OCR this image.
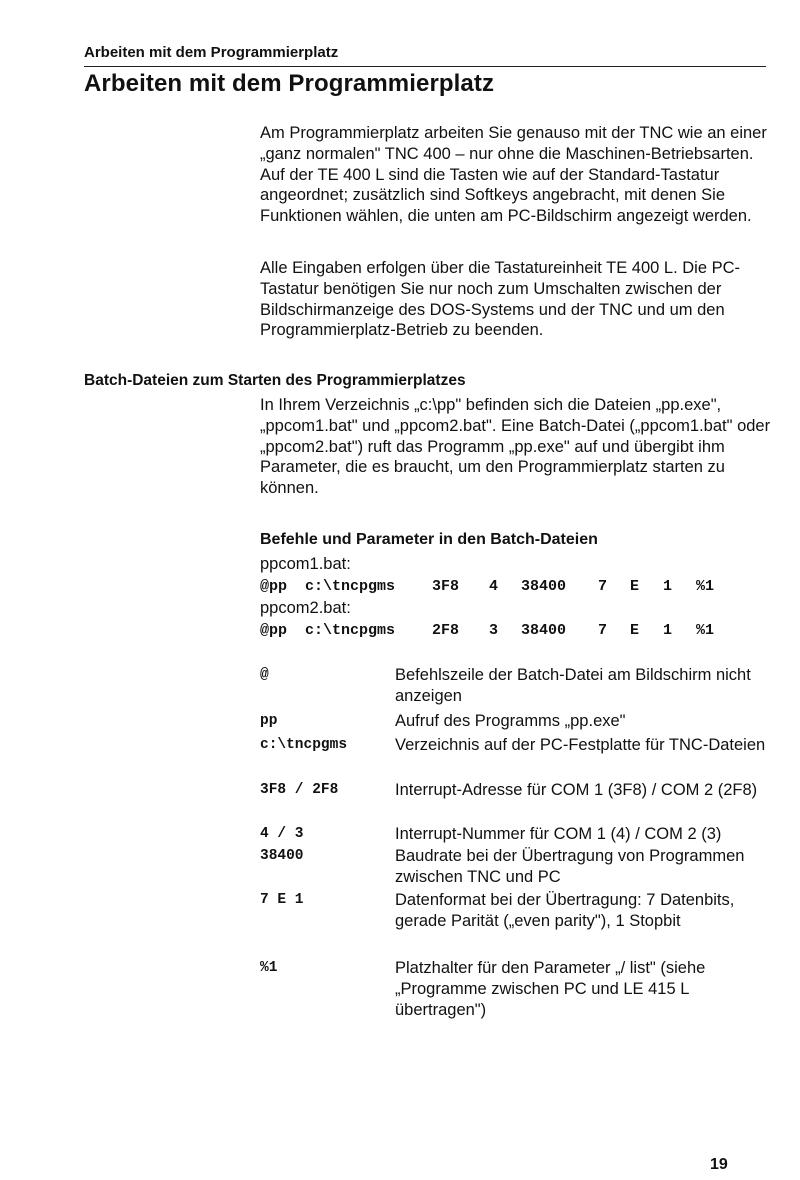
Arbeiten mit dem Programmierplatz
Arbeiten mit dem Programmierplatz
Am Programmierplatz arbeiten Sie genauso mit der TNC wie an einer „ganz normalen" TNC 400 – nur ohne die Maschinen-Betriebsarten. Auf der TE 400 L sind die Tasten wie auf der Standard-Tastatur angeordnet; zusätzlich sind Softkeys angebracht, mit denen Sie Funktionen wählen, die unten am PC-Bildschirm angezeigt werden.
Alle Eingaben erfolgen über die Tastatureinheit TE 400 L. Die PC-Tastatur benötigen Sie nur noch zum Umschalten zwischen der Bildschirmanzeige des DOS-Systems und der TNC und um den Programmierplatz-Betrieb zu beenden.
Batch-Dateien zum Starten des Programmierplatzes
In Ihrem Verzeichnis „c:\pp" befinden sich die Dateien „pp.exe", „ppcom1.bat" und „ppcom2.bat". Eine Batch-Datei („ppcom1.bat" oder „ppcom2.bat") ruft das Programm „pp.exe" auf und übergibt ihm Parameter, die es braucht, um den Programmierplatz starten zu können.
Befehle und Parameter in den Batch-Dateien
ppcom1.bat:
@pp c:\tncpgms 3F8 4 38400 7 E 1 %1
ppcom2.bat:
@pp c:\tncpgms 2F8 3 38400 7 E 1 %1
@	Befehlszeile der Batch-Datei am Bildschirm nicht anzeigen
pp	Aufruf des Programms „pp.exe"
c:\tncpgms	Verzeichnis auf der PC-Festplatte für TNC-Dateien
3F8 / 2F8	Interrupt-Adresse für COM 1 (3F8) / COM 2 (2F8)
4 / 3	Interrupt-Nummer für COM 1 (4) / COM 2 (3)
38400	Baudrate bei der Übertragung von Programmen zwischen TNC und PC
7 E 1	Datenformat bei der Übertragung: 7 Datenbits, gerade Parität („even parity"), 1 Stopbit
%1	Platzhalter für den Parameter „/ list" (siehe „Programme zwischen PC und LE 415 L übertragen")
19
